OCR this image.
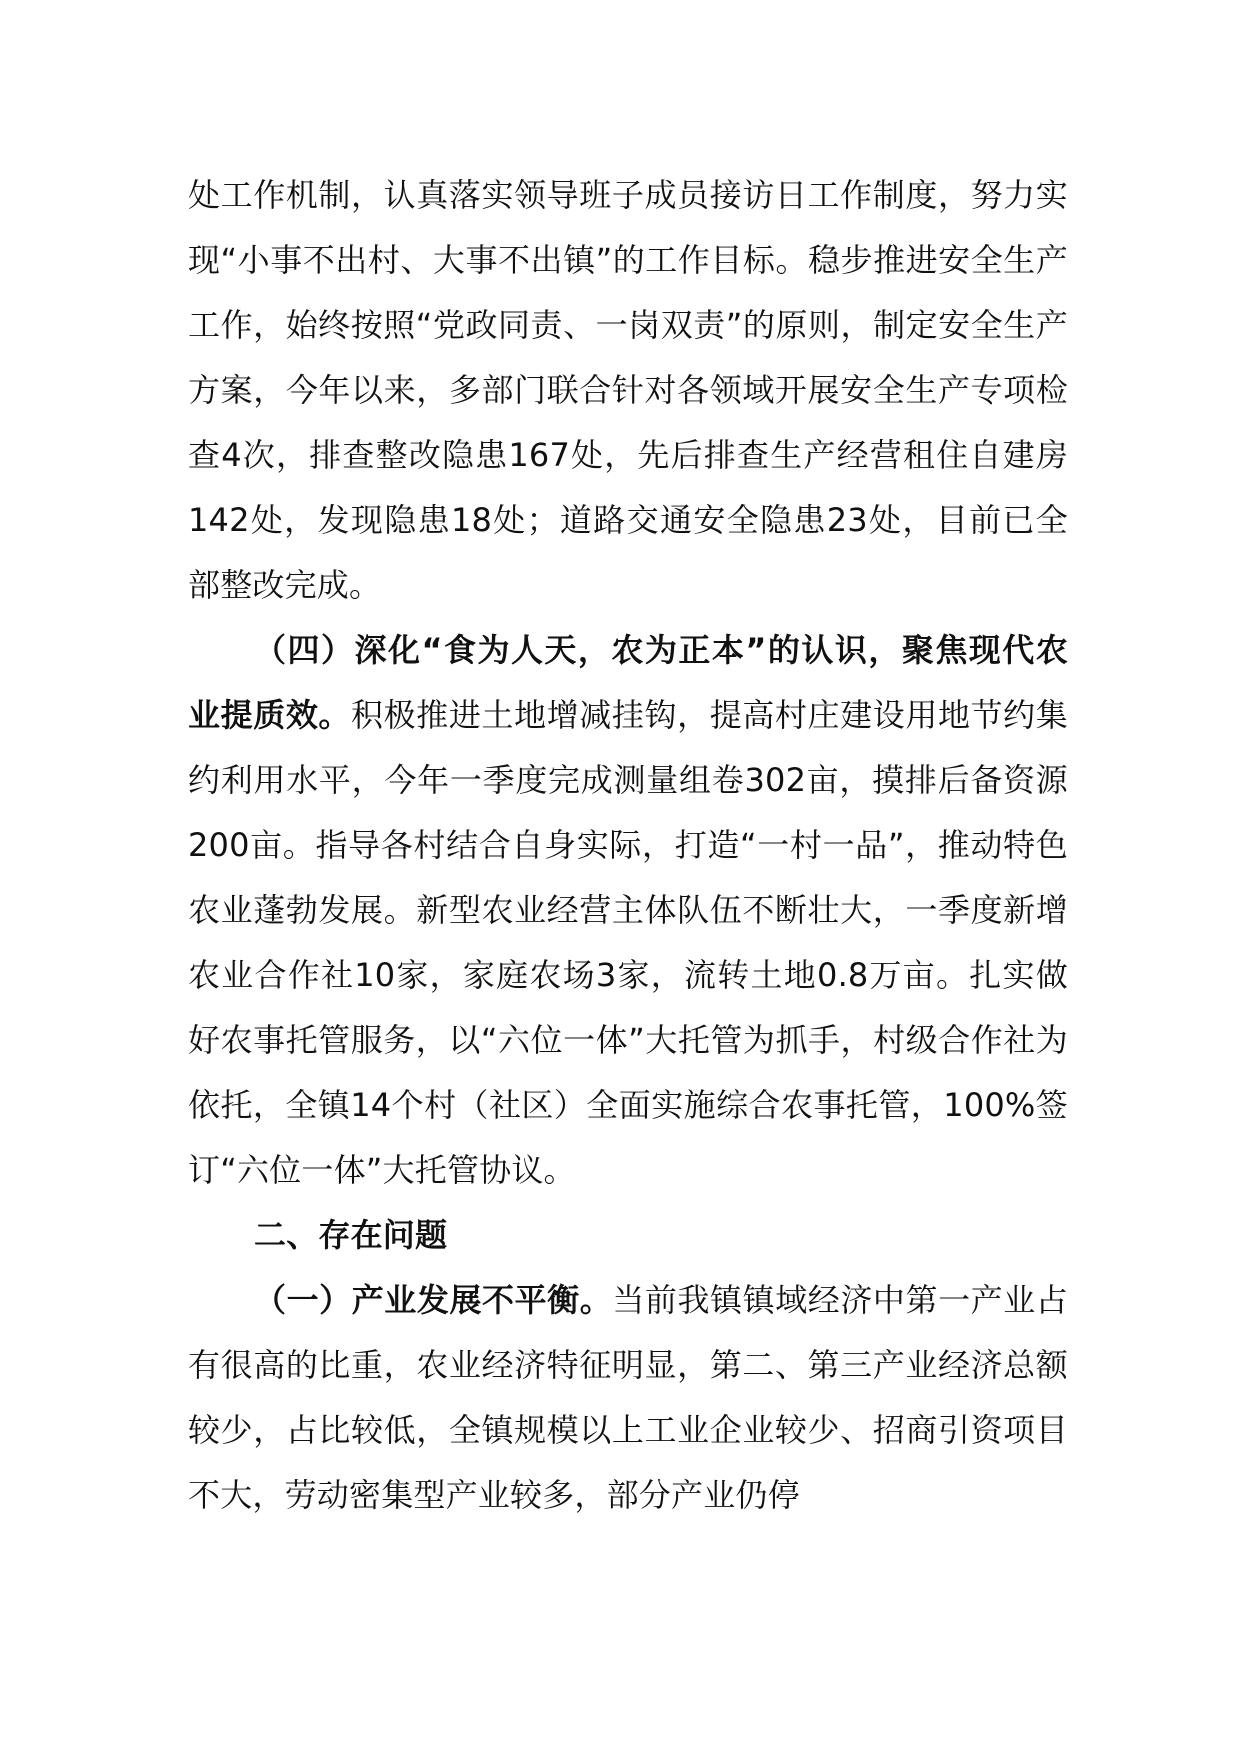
处工作机制，认真落实领导班子成员接访日工作制度，努力实现“小事不出村、大事不出镇”的工作目标。稳步推进安全生产工作，始终按照“党政同责、一岗双责”的原则，制定安全生产方案，今年以来，多部门联合针对各领域开展安全生产专项检查4次，排查整改隐患167处，先后排查生产经营租住自建房142处，发现隐患18处；道路交通安全隐患23处，目前已全部整改完成。

（四）深化“食为人天，农为正本”的认识，聚焦现代农业提质效。积极推进土地增减挂钩，提高村庄建设用地节约集约利用水平，今年一季度完成测量组卷302亩，摸排后备资源200亩。指导各村结合自身实际，打造“一村一品”，推动特色农业蓬勃发展。新型农业经营主体队伍不断壮大，一季度新增农业合作社10家，家庭农场3家，流转土地0.8万亩。扎实做好农事托管服务，以“六位一体”大托管为抓手，村级合作社为依托，全镇14个村（社区）全面实施综合农事托管，100%签订“六位一体”大托管协议。

二、存在问题

（一）产业发展不平衡。当前我镇镇域经济中第一产业占有很高的比重，农业经济特征明显，第二、第三产业经济总额较少，占比较低，全镇规模以上工业企业较少、招商引资项目不大，劳动密集型产业较多，部分产业仍停
